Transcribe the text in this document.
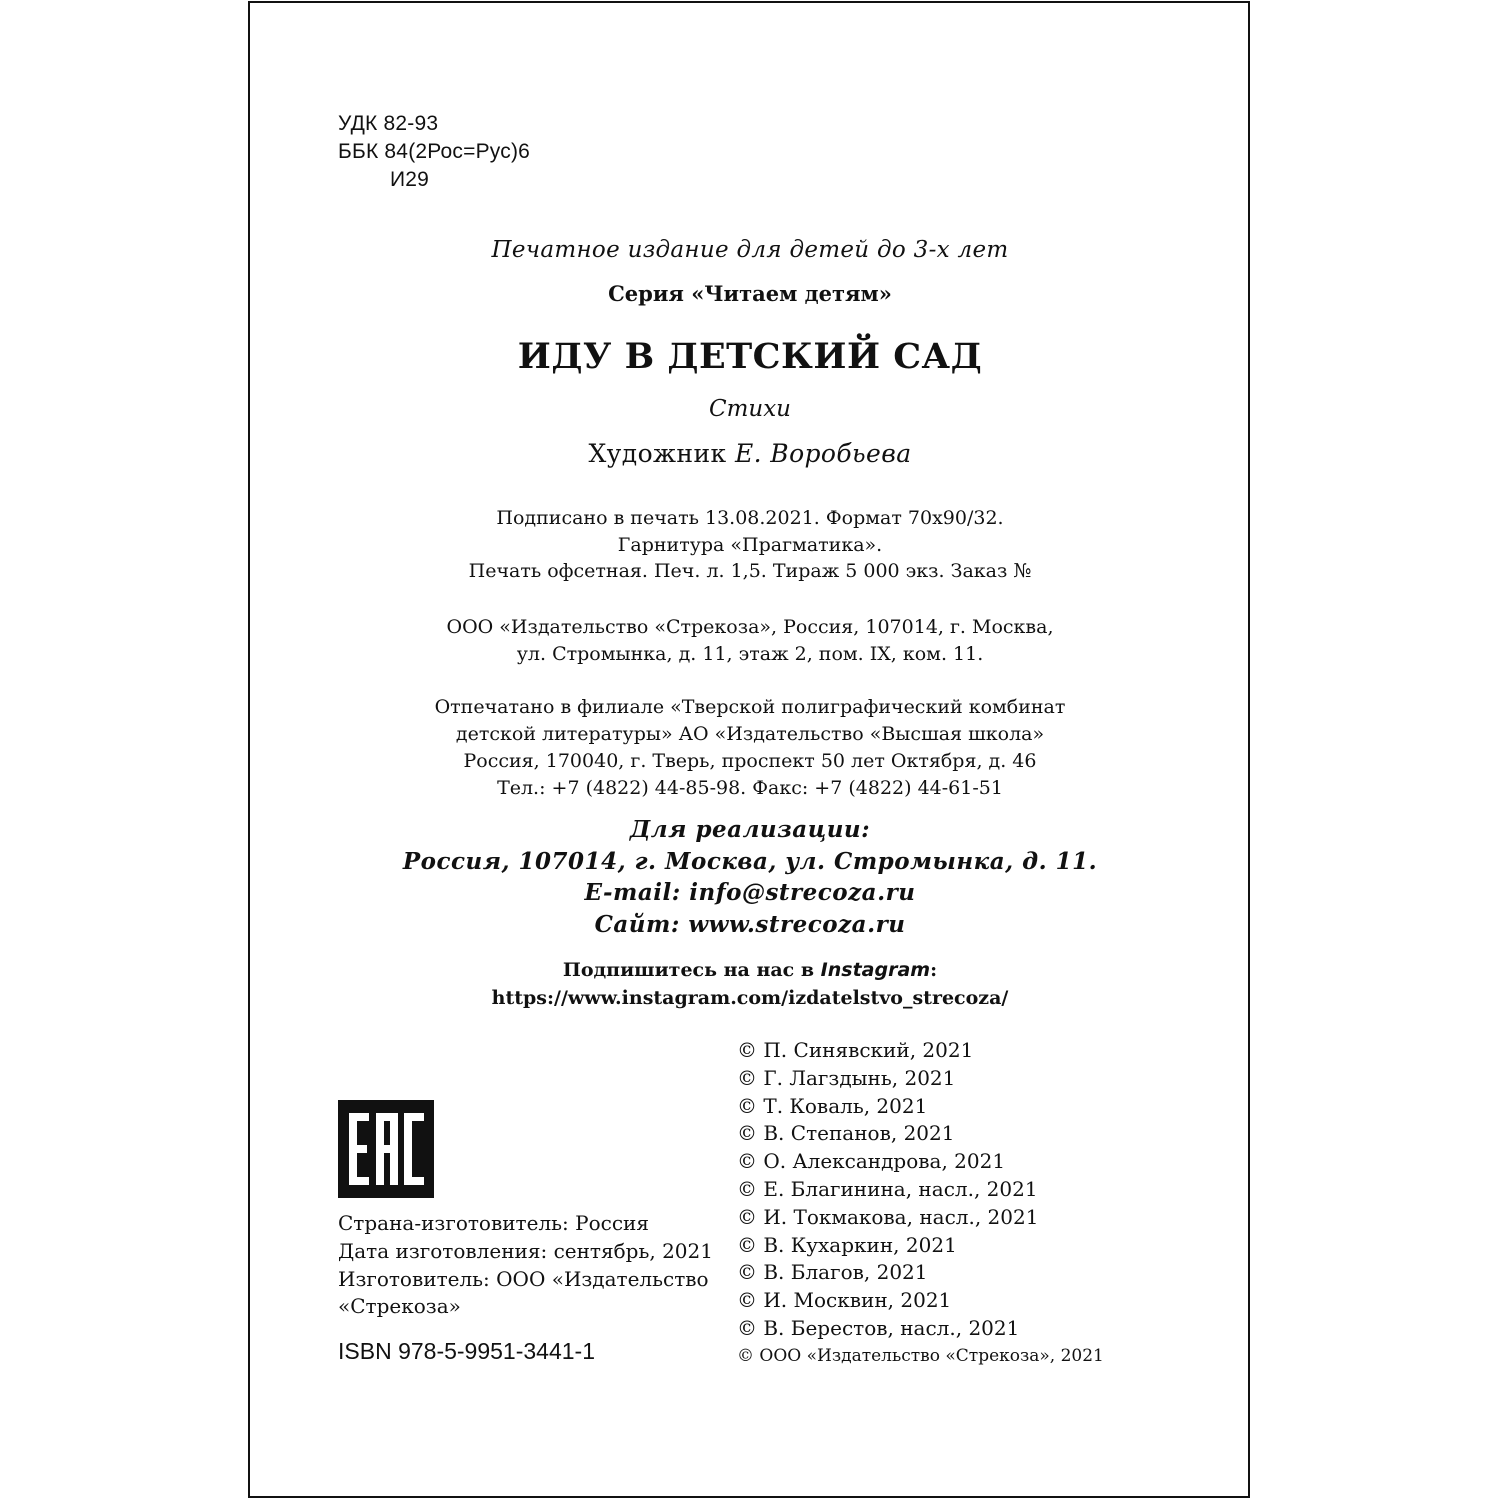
УДК 82-93
ББК 84(2Рос=Рус)6
И29
Печатное издание для детей до 3-х лет
Серия «Читаем детям»
ИДУ В ДЕТСКИЙ САД
Стихи
Художник Е. Воробьева
Подписано в печать 13.08.2021. Формат 70х90/32.
Гарнитура «Прагматика».
Печать офсетная. Печ. л. 1,5. Тираж 5 000 экз. Заказ №
ООО «Издательство «Стрекоза», Россия, 107014, г. Москва,
ул. Стромынка, д. 11, этаж 2, пом. IX, ком. 11.
Отпечатано в филиале «Тверской полиграфический комбинат
детской литературы» АО «Издательство «Высшая школа»
Россия, 170040, г. Тверь, проспект 50 лет Октября, д. 46
Тел.: +7 (4822) 44-85-98. Факс: +7 (4822) 44-61-51
Для реализации:
Россия, 107014, г. Москва, ул. Стромынка, д. 11.
E-mail: info@strecoza.ru
Сайт: www.strecoza.ru
Подпишитесь на нас в Instagram:
https://www.instagram.com/izdatelstvo_strecoza/
Страна-изготовитель: Россия
Дата изготовления: сентябрь, 2021
Изготовитель: ООО «Издательство
«Стрекоза»
ISBN 978-5-9951-3441-1
© П. Синявский, 2021
© Г. Лагздынь, 2021
© Т. Коваль, 2021
© В. Степанов, 2021
© О. Александрова, 2021
© Е. Благинина, насл., 2021
© И. Токмакова, насл., 2021
© В. Кухаркин, 2021
© В. Благов, 2021
© И. Москвин, 2021
© В. Берестов, насл., 2021
© ООО «Издательство «Стрекоза», 2021
